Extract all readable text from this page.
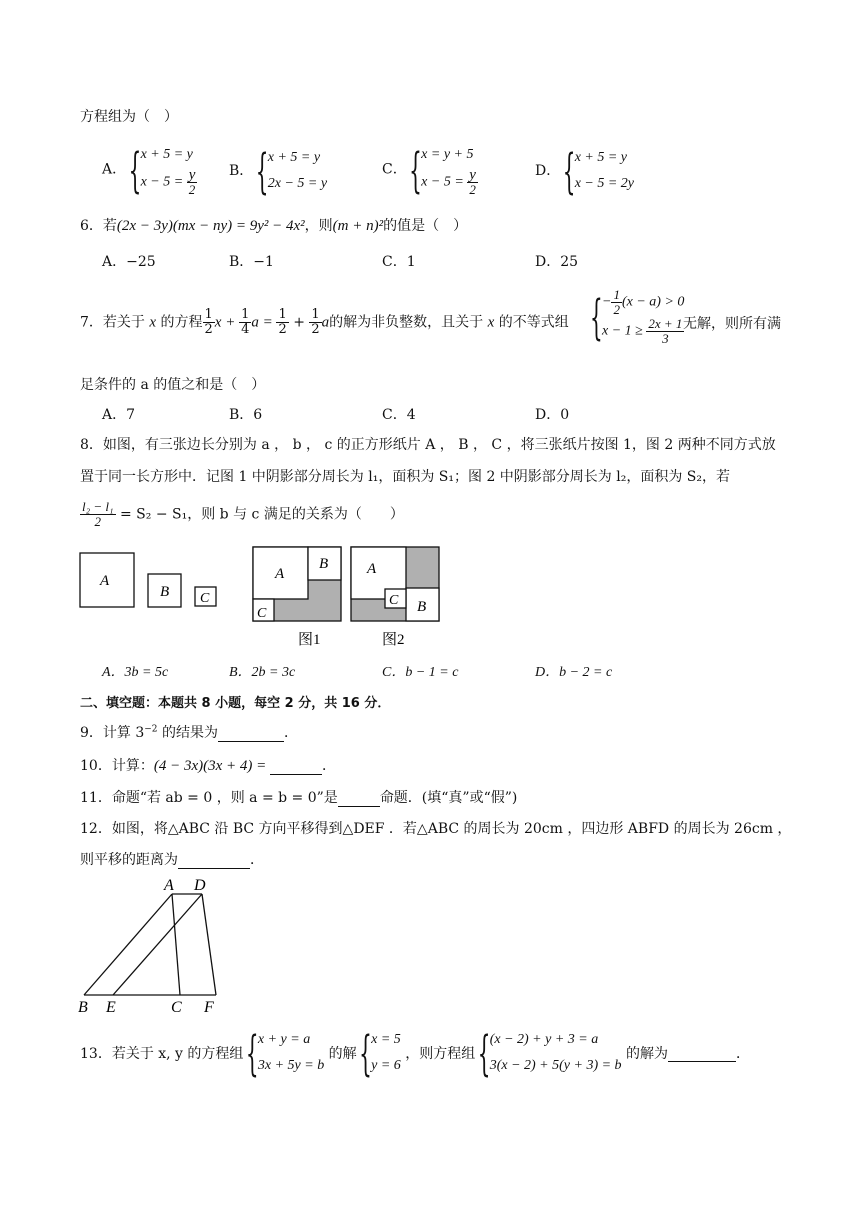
方程组为（　）
A．
{ x + 5 = y
$x - 5 = \frac{y}{2}$ B．
{ x + 5 = y
2x − 5 = y
C．
{ x = y + 5
$x - 5 = \frac{y}{2}$	D．
{ x + 5 = y
x − 5 = 2y
6．若(2x − 3y)(mx − ny) = 9y² − 4x²，则(m + n)²的值是（　）
A．−25	B．−1	C．1	D．25
7．若关于 x 的方程 $\frac{1}{2}$ $x + \frac{1}{4}$ $a = \frac{1}{2} + \frac{1}{2}$ a的解为非负整数，且关于 x 的不等式组
{ − $\frac{1}{2} (x - a) > 0$
$x - 1 \ge \frac{2x + 1}{3}$
无解，则所有满
足条件的 a 的值之和是（　）
A．7	B．6	C．4	D．0
8．如图，有三张边长分别为 a ， b ， c 的正方形纸片 A ， B ， C ，将三张纸片按图 1，图 2 两种不同方式放
置于同一长方形中．记图 1 中阴影部分周长为 l₁，面积为 S₁；图 2 中阴影部分周长为 l₂，面积为 S₂，若
$\frac{\text{l₂ − l₁}}{2} = S_2 - S_1$，则 b 与 c 满足的关系为（　　）
A
B C
A
B
C
图1
A
B
C
图2
A．3b = 5c	B．2b = 3c	C．b − 1 = c	D．b − 2 = c
二、填空题：本题共 8 小题，每空 2 分，共 16 分．
9．计算 $3^{-2}$ 的结果为	．
10．计算：(4 − 3x)(3x + 4) =	．
11．命题“若 ab = 0 ，则 a = b = 0”是	命题．(填“真”或“假”)
12．如图，将△ABC 沿 BC 方向平移得到△DEF ．若△ABC 的周长为 20cm ，四边形 ABFD 的周长为 26cm ，
则平移的距离为	．
A D
B E	C F
13．若关于 x, y 的方程组
{ x + y = a
3x + 5y = b
的解
{ x = 5
y = 6
，则方程组
{ (x − 2) + y + 3 = a
3(x − 2) + 5(y + 3) = b
的解为	．
